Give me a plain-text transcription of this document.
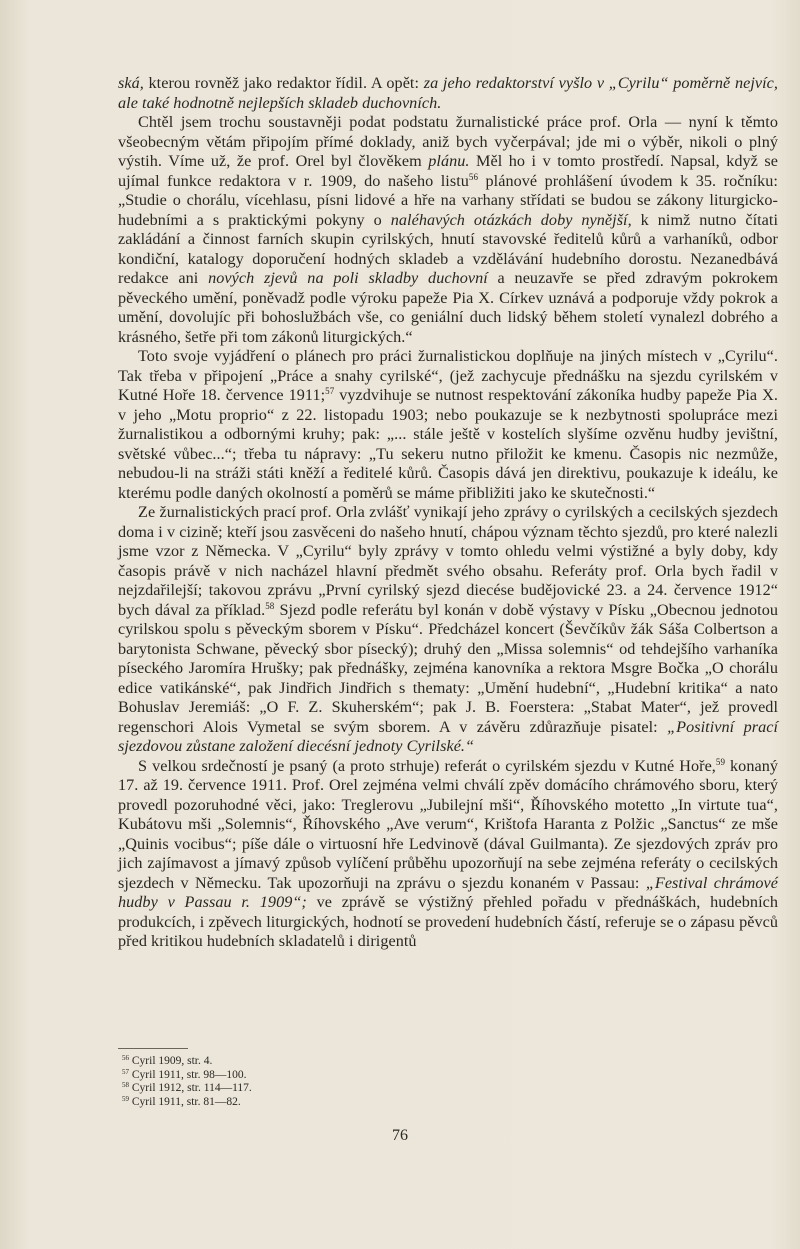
ská, kterou rovněž jako redaktor řídil. A opět: za jeho redaktorství vyšlo v „Cyrilu“ poměrně nejvíc, ale také hodnotně nejlepších skladeb duchovních.

Chtěl jsem trochu soustavněji podat podstatu žurnalistické práce prof. Orla — nyní k těmto všeobecným větám připojím přímé doklady, aniž bych vyčerpával; jde mi o výběr, nikoli o plný výstih. Víme už, že prof. Orel byl člověkem plánu. Měl ho i v tomto prostředí. Napsal, když se ujímal funkce redaktora v r. 1909, do našeho listu$^{56}$ plánové prohlášení úvodem k 35. ročníku: „Studie o chorálu, vícehlasu, písni lidové a hře na varhany střídati se budou se zákony liturgicko-hudebními a s praktickými pokyny o naléhavých otázkách doby nynější, k nimž nutno čítati zakládání a činnost farních skupin cyrilských, hnutí stavovské ředitelů kůrů a varhaníků, odbor kondiční, katalogy doporučení hodných skladeb a vzdělávání hudebního dorostu. Nezanedbává redakce ani nových zjevů na poli skladby duchovní a neuzavře se před zdravým pokrokem pěveckého umění, poněvadž podle výroku papeže Pia X. Církev uznává a podporuje vždy pokrok a umění, dovolujíc při bohoslužbách vše, co geniální duch lidský během století vynalezl dobrého a krásného, šetře při tom zákonů liturgických.“

Toto svoje vyjádření o plánech pro práci žurnalistickou doplňuje na jiných místech v „Cyrilu“. Tak třeba v připojení „Práce a snahy cyrilské“, (jež zachycuje přednášku na sjezdu cyrilském v Kutné Hoře 18. července 1911;$^{57}$ vyzdvihuje se nutnost respektování zákoníka hudby papeže Pia X. v jeho „Motu proprio“ z 22. listopadu 1903; nebo poukazuje se k nezbytnosti spolupráce mezi žurnalistikou a odbornými kruhy; pak: „... stále ještě v kostelích slyšíme ozvěnu hudby jevištní, světské vůbec...“; třeba tu nápravy: „Tu sekeru nutno přiložit ke kmenu. Časopis nic nezmůže, nebudou-li na stráži státi kněží a ředitelé kůrů. Časopis dává jen direktivu, poukazuje k ideálu, ke kterému podle daných okolností a poměrů se máme přibližiti jako ke skutečnosti.“

Ze žurnalistických prací prof. Orla zvlášť vynikají jeho zprávy o cyrilských a cecilských sjezdech doma i v cizině; kteří jsou zasvěceni do našeho hnutí, chápou význam těchto sjezdů, pro které nalezli jsme vzor z Německa. V „Cyrilu“ byly zprávy v tomto ohledu velmi výstižné a byly doby, kdy časopis právě v nich nacházel hlavní předmět svého obsahu. Referáty prof. Orla bych řadil v nejzdařilejší; takovou zprávu „První cyrilský sjezd diecése budějovické 23. a 24. července 1912“ bych dával za příklad.$^{58}$ Sjezd podle referátu byl konán v době výstavy v Písku „Obecnou jednotou cyrilskou spolu s pěveckým sborem v Písku“. Předcházel koncert (Ševčíkův žák Sáša Colbertson a barytonista Schwane, pěvecký sbor písecký); druhý den „Missa solemnis“ od tehdejšího varhaníka píseckého Jaromíra Hrušky; pak přednášky, zejména kanovníka a rektora Msgre Bočka „O chorálu edice vatikánské“, pak Jindřich Jindřich s thematy: „Umění hudební“, „Hudební kritika“ a nato Bohuslav Jeremiáš: „O F. Z. Skuherském“; pak J. B. Foerstera: „Stabat Mater“, jež provedl regenschori Alois Vymetal se svým sborem. A v závěru zdůrazňuje pisatel: „Positivní prací sjezdovou zůstane založení diecésní jednoty Cyrilské.“

S velkou srdečností je psaný (a proto strhuje) referát o cyrilském sjezdu v Kutné Hoře,$^{59}$ konaný 17. až 19. července 1911. Prof. Orel zejména velmi chválí zpěv domácího chrámového sboru, který provedl pozoruhodné věci, jako: Treglerovu „Jubilejní mši“, Říhovského motetto „In virtute tua“, Kubátovu mši „Solemnis“, Říhovského „Ave verum“, Krištofa Haranta z Polžic „Sanctus“ ze mše „Quinis vocibus“; píše dále o virtuosní hře Ledvinově (dával Guilmanta). Ze sjezdových zpráv pro jich zajímavost a jímavý způsob vylíčení průběhu upozorňují na sebe zejména referáty o cecilských sjezdech v Německu. Tak upozorňuji na zprávu o sjezdu konaném v Passau: „Festival chrámové hudby v Passau r. 1909“; ve zprávě se výstižný přehled pořadu v přednáškách, hudebních produkcích, i zpěvech liturgických, hodnotí se provedení hudebních částí, referuje se o zápasu pěvců před kritikou hudebních skladatelů i dirigentů

$^{56}$ Cyril 1909, str. 4.
$^{57}$ Cyril 1911, str. 98—100.
$^{58}$ Cyril 1912, str. 114—117.
$^{59}$ Cyril 1911, str. 81—82.
76
